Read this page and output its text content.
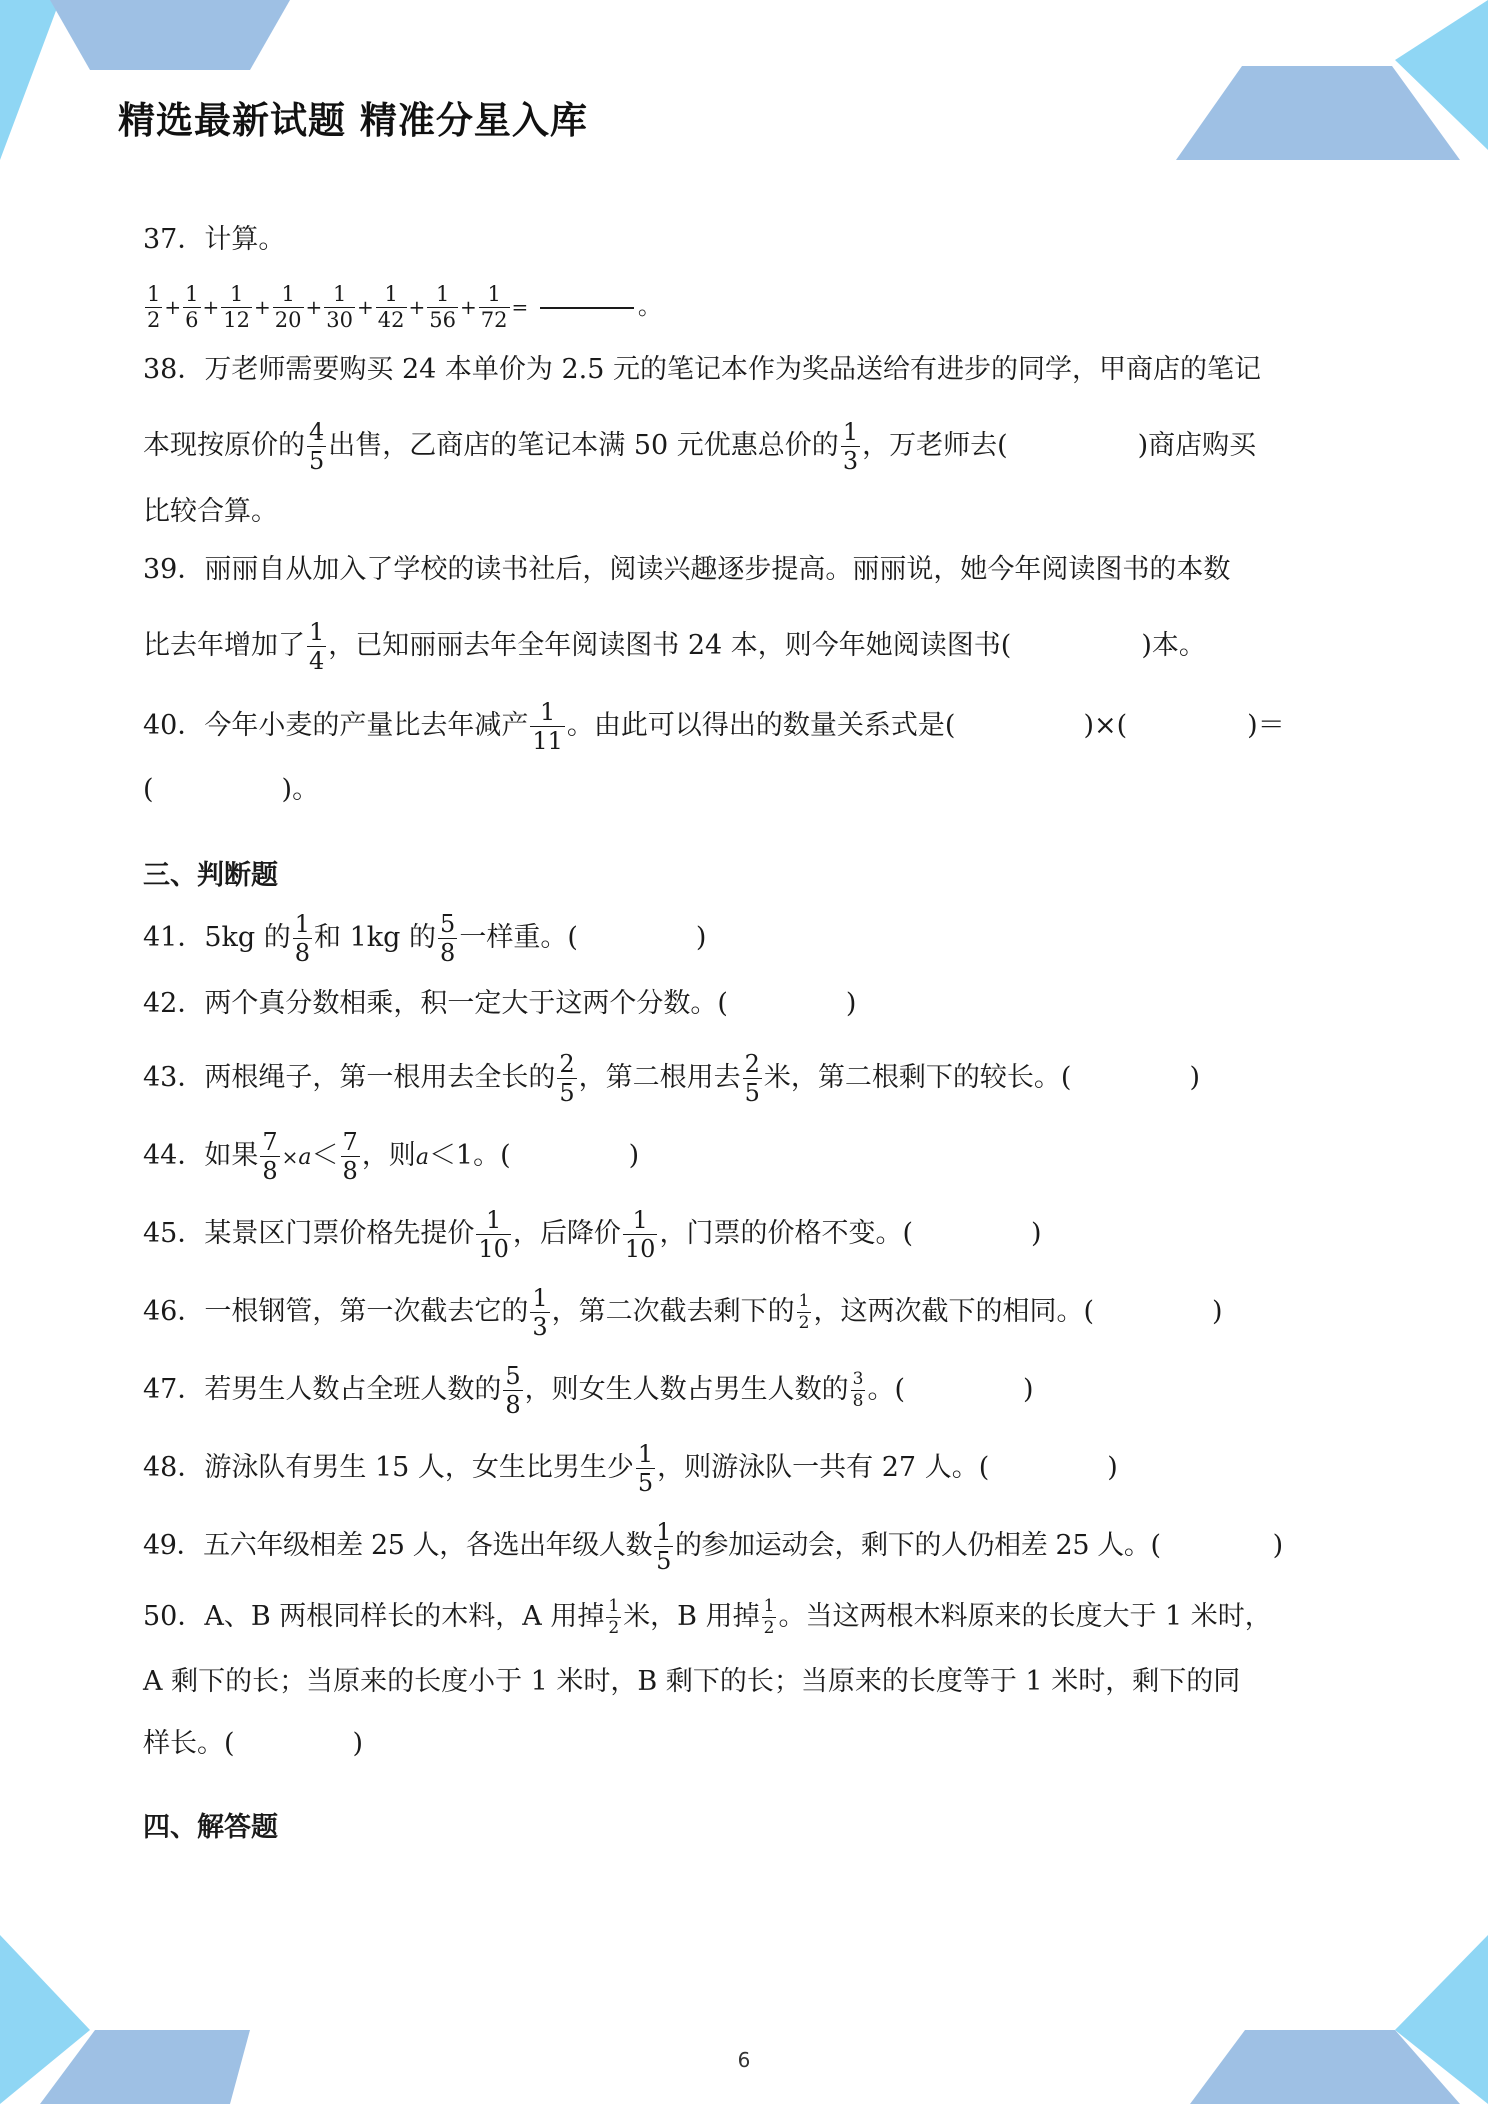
精选最新试题 精准分星入库
37．计算。
$\frac{1}{2} + \frac{1}{6} + \frac{1}{12} + \frac{1}{20} + \frac{1}{30} + \frac{1}{42} + \frac{1}{56} + \frac{1}{72}$ =	。
38．万老师需要购买 24 本单价为 2.5 元的笔记本作为奖品送给有进步的同学，甲商店的笔记
本现按原价的 $\frac{4}{5}$ 出售，乙商店的笔记本满 50 元优惠总价的 $\frac{1}{3}$ ，万老师去(	)商店购买
比较合算。
39．丽丽自从加入了学校的读书社后，阅读兴趣逐步提高。丽丽说，她今年阅读图书的本数
比去年增加了 $\frac{1}{4}$ ，已知丽丽去年全年阅读图书 24 本，则今年她阅读图书(	)本。
40．今年小麦的产量比去年减产 $\frac{1}{11}$ 。由此可以得出的数量关系式是(	)×(	)＝
(	)。
三、判断题
41．5kg 的 $\frac{1}{8}$ 和 1kg 的 $\frac{5}{8}$ 一样重。(	)
42．两个真分数相乘，积一定大于这两个分数。(	)
43．两根绳子，第一根用去全长的 $\frac{2}{5}$ ，第二根用去 $\frac{2}{5}$ 米，第二根剩下的较长。(	)
44．如果 $\frac{7}{8} \times a< \frac{7}{8}$ ，则a＜1。(	)
45．某景区门票价格先提价 $\frac{1}{10}$ ，后降价 $\frac{1}{10}$ ，门票的价格不变。(	)
46．一根钢管，第一次截去它的 $\frac{1}{3}$ ，第二次截去剩下的 $\frac{1}{2}$ ，这两次截下的相同。(	)
47．若男生人数占全班人数的 $\frac{5}{8}$ ，则女生人数占男生人数的 $\frac{3}{8}$ 。(	)
48．游泳队有男生 15 人，女生比男生少 $\frac{1}{5}$ ，则游泳队一共有 27 人。(	)
49．五六年级相差 25 人，各选出年级人数 $\frac{1}{5}$ 的参加运动会，剩下的人仍相差 25 人。(	)
50．A、B 两根同样长的木料，A 用掉 $\frac{1}{2}$ 米，B 用掉 $\frac{1}{2}$ 。当这两根木料原来的长度大于 1 米时，
A 剩下的长；当原来的长度小于 1 米时，B 剩下的长；当原来的长度等于 1 米时，剩下的同
样长。(	)
四、解答题
6
